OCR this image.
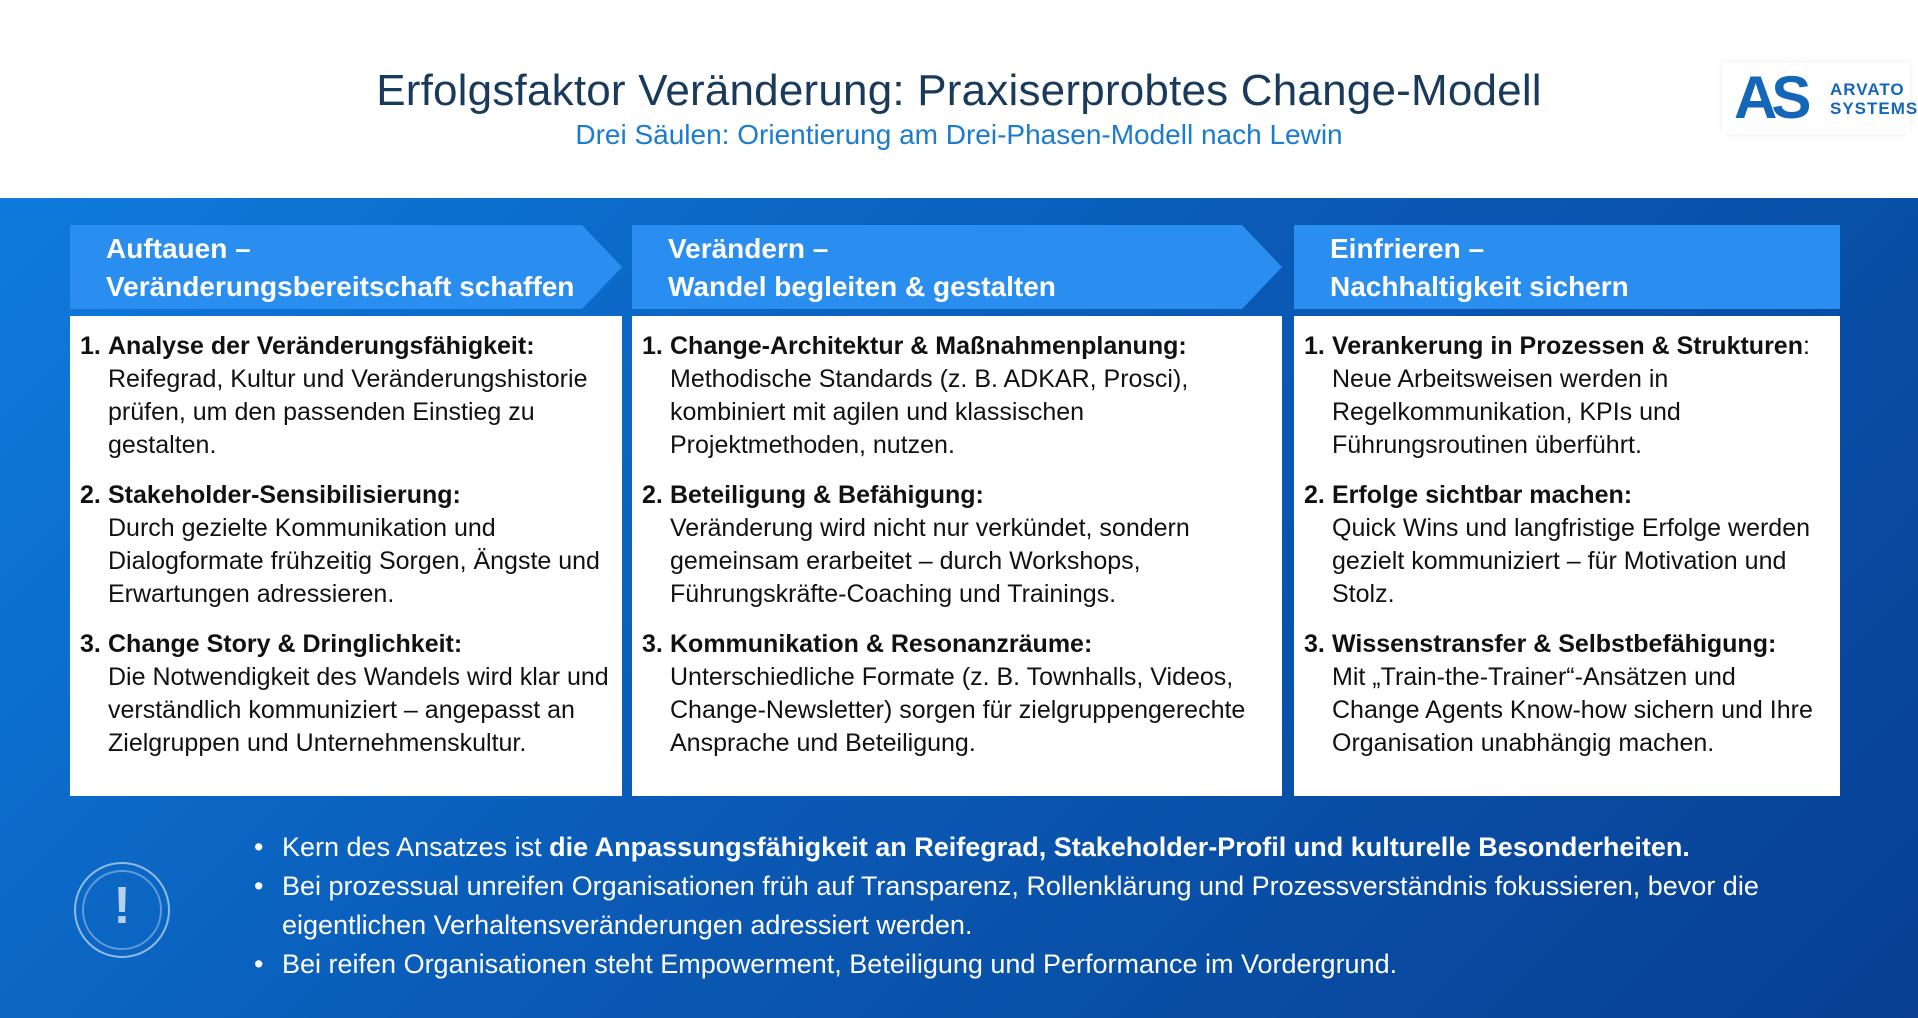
Erfolgsfaktor Veränderung: Praxiserprobtes Change-Modell
Drei Säulen: Orientierung am Drei-Phasen-Modell nach Lewin
AS ARVATO
SYSTEMS
Auftauen –
Veränderungsbereitschaft schaffen
Verändern –
Wandel begleiten & gestalten
Einfrieren –
Nachhaltigkeit sichern
1. Analyse der Veränderungsfähigkeit:
Reifegrad, Kultur und Veränderungshistorie prüfen, um den passenden Einstieg zu gestalten.
2. Stakeholder-Sensibilisierung:
Durch gezielte Kommunikation und Dialogformate frühzeitig Sorgen, Ängste und Erwartungen adressieren.
3. Change Story & Dringlichkeit:
Die Notwendigkeit des Wandels wird klar und verständlich kommuniziert – angepasst an Zielgruppen und Unternehmenskultur.
1. Change-Architektur & Maßnahmenplanung:
Methodische Standards (z. B. ADKAR, Prosci), kombiniert mit agilen und klassischen Projektmethoden, nutzen.
2. Beteiligung & Befähigung:
Veränderung wird nicht nur verkündet, sondern gemeinsam erarbeitet – durch Workshops, Führungskräfte-Coaching und Trainings.
3. Kommunikation & Resonanzräume:
Unterschiedliche Formate (z. B. Townhalls, Videos, Change-Newsletter) sorgen für zielgruppengerechte Ansprache und Beteiligung.
1. Verankerung in Prozessen & Strukturen:
Neue Arbeitsweisen werden in Regelkommunikation, KPIs und Führungsroutinen überführt.
2. Erfolge sichtbar machen:
Quick Wins und langfristige Erfolge werden gezielt kommuniziert – für Motivation und Stolz.
3. Wissenstransfer & Selbstbefähigung:
Mit „Train-the-Trainer“-Ansätzen und Change Agents Know-how sichern und Ihre Organisation unabhängig machen.
!
• Kern des Ansatzes ist die Anpassungsfähigkeit an Reifegrad, Stakeholder-Profil und kulturelle Besonderheiten.
• Bei prozessual unreifen Organisationen früh auf Transparenz, Rollenklärung und Prozessverständnis fokussieren, bevor die eigentlichen Verhaltensveränderungen adressiert werden.
• Bei reifen Organisationen steht Empowerment, Beteiligung und Performance im Vordergrund.
